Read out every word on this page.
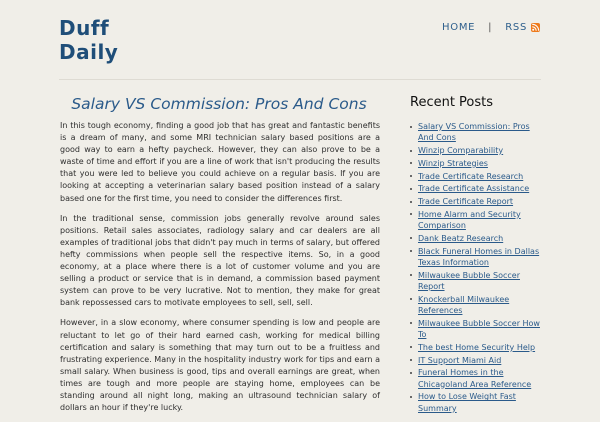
Duff
Daily
HOME | RSS
Salary VS Commission: Pros And Cons

In this tough economy, finding a good job that has great and fantastic benefits is a dream of many, and some MRI technician salary based positions are a good way to earn a hefty paycheck. However, they can also prove to be a waste of time and effort if you are a line of work that isn't producing the results that you were led to believe you could achieve on a regular basis. If you are looking at accepting a veterinarian salary based position instead of a salary based one for the first time, you need to consider the differences first.

In the traditional sense, commission jobs generally revolve around sales positions. Retail sales associates, radiology salary and car dealers are all examples of traditional jobs that didn't pay much in terms of salary, but offered hefty commissions when people sell the respective items. So, in a good economy, at a place where there is a lot of customer volume and you are selling a product or service that is in demand, a commission based payment system can prove to be very lucrative. Not to mention, they make for great bank repossessed cars to motivate employees to sell, sell, sell.

However, in a slow economy, where consumer spending is low and people are reluctant to let go of their hard earned cash, working for medical billing certification and salary is something that may turn out to be a fruitless and frustrating experience. Many in the hospitality industry work for tips and earn a small salary. When business is good, tips and overall earnings are great, when times are tough and more people are staying home, employees can be standing around all night long, making an ultrasound technician salary of dollars an hour if they're lucky.

Recent Posts
Salary VS Commission: Pros And Cons
Winzip Comparability
Winzip Strategies
Trade Certificate Research
Trade Certificate Assistance
Trade Certificate Report
Home Alarm and Security Comparison
Dank Beatz Research
Black Funeral Homes in Dallas Texas Information
Milwaukee Bubble Soccer Report
Knockerball Milwaukee References
Milwaukee Bubble Soccer How To
The best Home Security Help
IT Support Miami Aid
Funeral Homes in the Chicagoland Area Reference
How to Lose Weight Fast Summary
